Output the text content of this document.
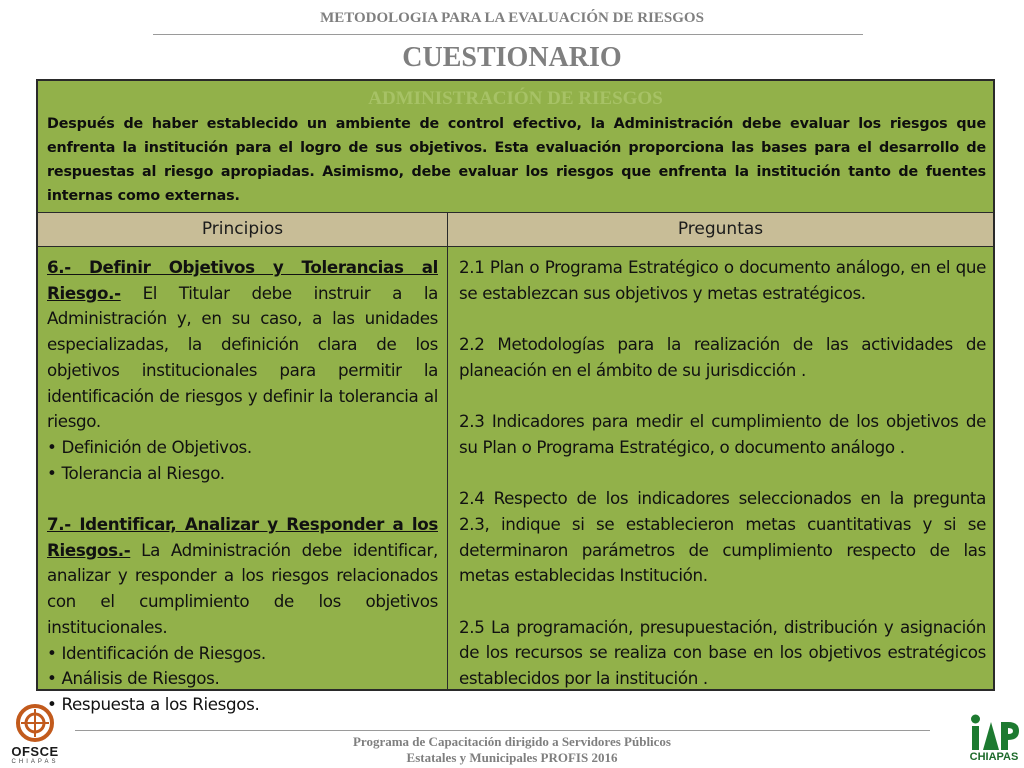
METODOLOGIA PARA LA EVALUACIÓN DE RIESGOS
CUESTIONARIO
ADMINISTRACIÓN DE RIESGOS
Después de haber establecido un ambiente de control efectivo, la Administración debe evaluar los riesgos que enfrenta la institución para el logro de sus objetivos. Esta evaluación proporciona las bases para el desarrollo de respuestas al riesgo apropiadas. Asimismo, debe evaluar los riesgos que enfrenta la institución tanto de fuentes internas como externas.
Principios	Preguntas
6.- Definir Objetivos y Tolerancias al Riesgo.- El Titular debe instruir a la Administración y, en su caso, a las unidades especializadas, la definición clara de los objetivos institucionales para permitir la identificación de riesgos y definir la tolerancia al riesgo.
• Definición de Objetivos.
• Tolerancia al Riesgo.
7.- Identificar, Analizar y Responder a los Riesgos.- La Administración debe identificar, analizar y responder a los riesgos relacionados con el cumplimiento de los objetivos institucionales.
• Identificación de Riesgos.
• Análisis de Riesgos.
• Respuesta a los Riesgos.

2.1 Plan o Programa Estratégico o documento análogo, en el que se establezcan sus objetivos y metas estratégicos.

2.2 Metodologías para la realización de las actividades de planeación en el ámbito de su jurisdicción .

2.3 Indicadores para medir el cumplimiento de los objetivos de su Plan o Programa Estratégico, o documento análogo .

2.4 Respecto de los indicadores seleccionados en la pregunta 2.3, indique si se establecieron metas cuantitativas y si se determinaron parámetros de cumplimiento respecto de las metas establecidas Institución.

2.5 La programación, presupuestación, distribución y asignación de los recursos se realiza con base en los objetivos estratégicos establecidos por la institución .

Programa de Capacitación dirigido a Servidores Públicos
Estatales y Municipales PROFIS 2016
OFSCE
CHIAPAS	CHIAPAS
